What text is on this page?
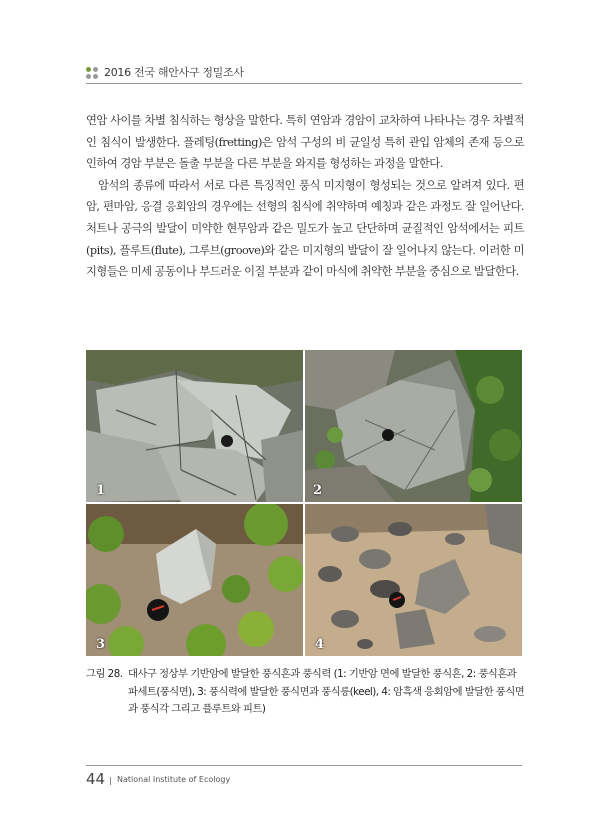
2016 전국 해안사구 정밀조사

연암 사이를 차별 침식하는 형상을 말한다. 특히 연암과 경암이 교차하여 나타나는 경우 차별적인 침식이 발생한다. 플레팅(fretting)은 암석 구성의 비 균일성 특히 관입 암체의 존재 등으로 인하여 경암 부분은 돌출 부분을 다른 부분을 와지를 형성하는 과정을 말한다.

암석의 종류에 따라서 서로 다른 특징적인 풍식 미지형이 형성되는 것으로 알려져 있다. 편암, 편마암, 응결 응회암의 경우에는 선형의 침식에 취약하며 예칭과 같은 과정도 잘 일어난다. 처트나 공극의 발달이 미약한 현무암과 같은 밀도가 높고 단단하며 균질적인 암석에서는 피트(pits), 플루트(flute), 그루브(groove)와 같은 미지형의 발달이 잘 일어나지 않는다. 이러한 미지형들은 미세 공동이나 부드러운 이질 부분과 같이 마식에 취약한 부분을 중심으로 발달한다.

1	2
3	4
그림 28. 대사구 정상부 기반암에 발달한 풍식흔과 풍식력 (1: 기반암 면에 발달한 풍식흔, 2: 풍식흔과 파세트(풍식면), 3: 풍식력에 발달한 풍식면과 풍식릉(keel), 4: 암흑색 응회암에 발달한 풍식면과 풍식각 그리고 플루트와 피트)
44 National Institute of Ecology
